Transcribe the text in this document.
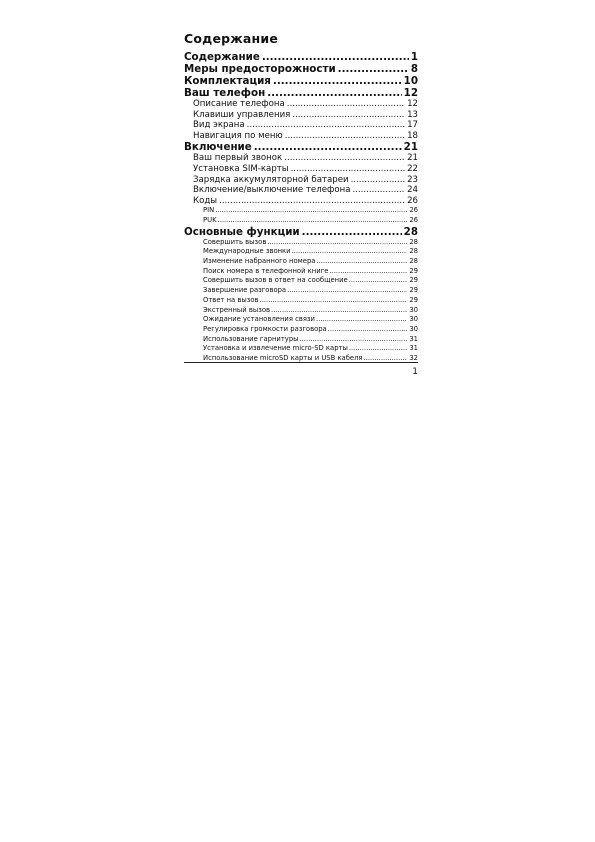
Содержание
Содержание .....	1
Меры предосторожности .....	8
Комплектация .....	10
Ваш телефон .....	12
Описание телефона .....	12
Клавиши управления .....	13
Вид экрана .....	17
Навигация по меню .....	18
Включение .....	21
Ваш первый звонок .....	21
Установка SIM-карты .....	22
Зарядка аккумуляторной батареи .....	23
Включение/выключение телефона .....	24
Коды .....	26
PIN .....	26
PUK .....	26
Основные функции .....	28
Совершить вызов .....	28
Международные звонки .....	28
Изменение набранного номера .....	28
Поиск номера в телефонной книге .....	29
Совершить вызов в ответ на сообщение .....	29
Завершение разговора .....	29
Ответ на вызов .....	29
Экстренный вызов .....	30
Ожидание установления связи .....	30
Регулировка громкости разговора .....	30
Использование гарнитуры .....	31
Установка и извлечение micro-SD карты .....	31
Использование microSD карты и USB кабеля .....	32
1
